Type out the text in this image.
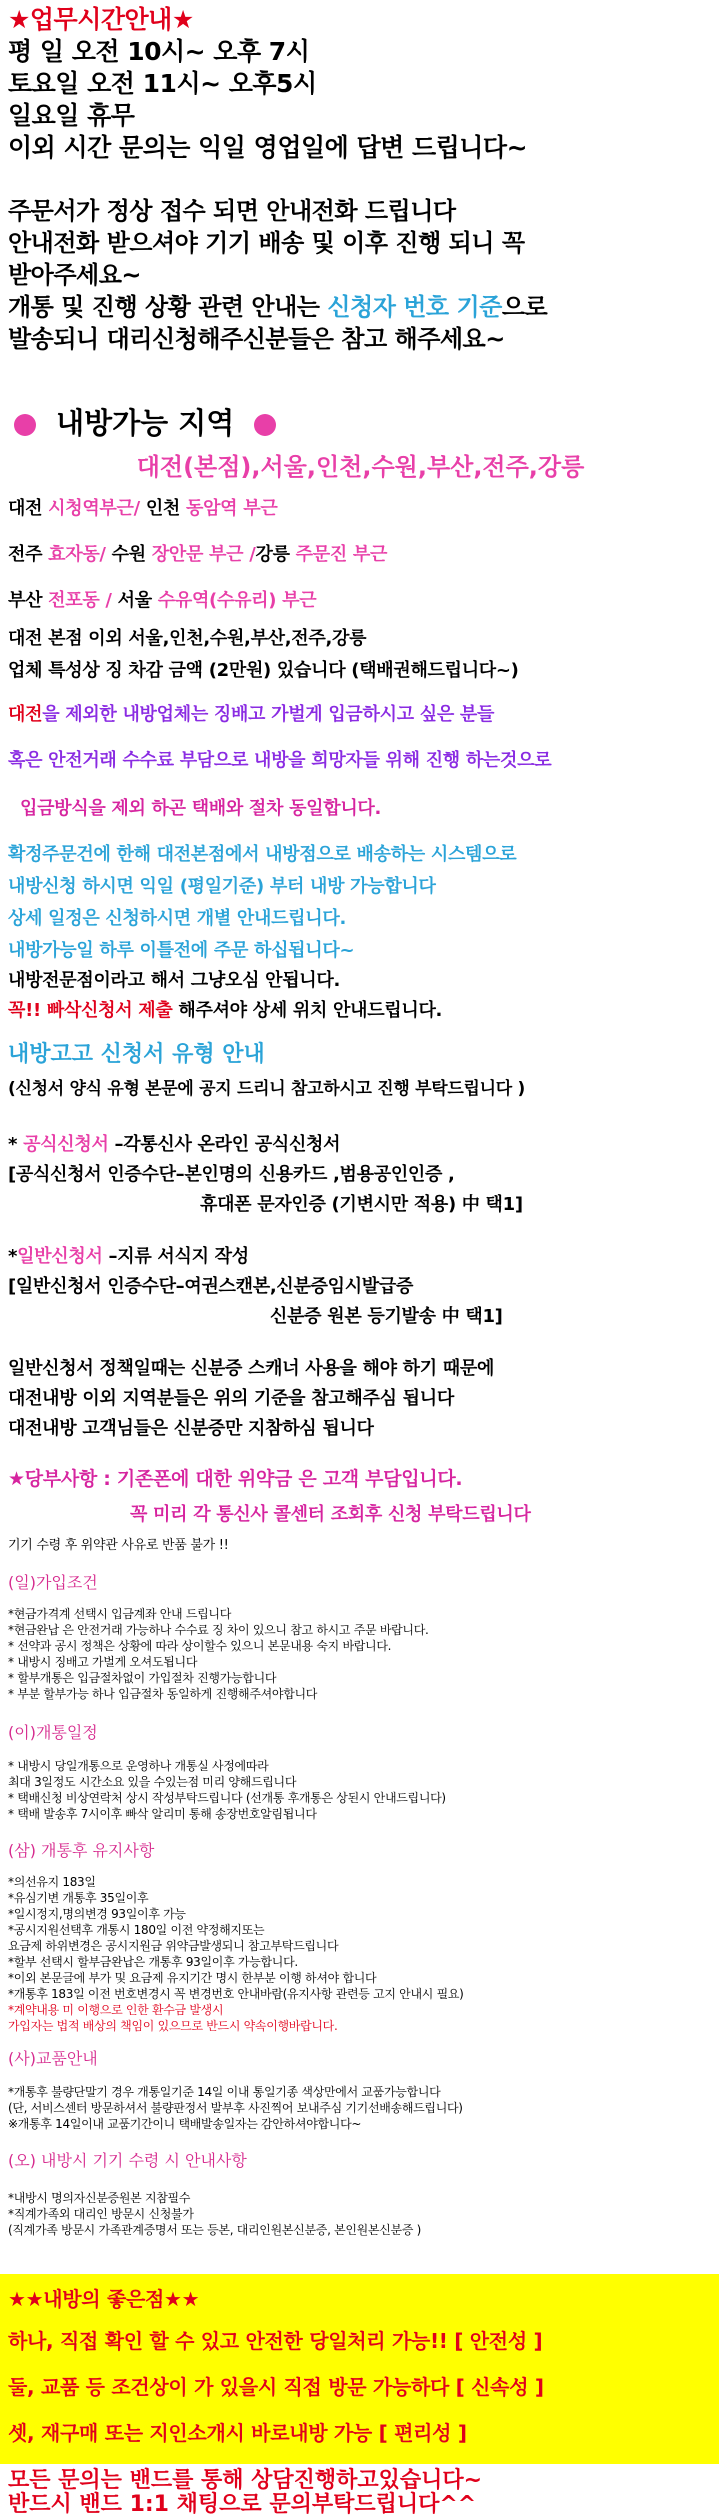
★업무시간안내★
평 일 오전 10시~ 오후 7시
토요일 오전 11시~ 오후5시
일요일 휴무
이외 시간 문의는 익일 영업일에 답변 드립니다~
주문서가 정상 접수 되면 안내전화 드립니다
안내전화 받으셔야 기기 배송 및 이후 진행 되니 꼭
받아주세요~
개통 및 진행 상황 관련 안내는 신청자 번호 기준으로
발송되니 대리신청해주신분들은 참고 해주세요~
내방가능 지역
대전(본점),서울,인천,수원,부산,전주,강릉
대전 시청역부근/ 인천 동암역 부근
전주 효자동/ 수원 장안문 부근 /강릉 주문진 부근
부산 전포동 / 서울 수유역(수유리) 부근
대전 본점 이외 서울,인천,수원,부산,전주,강릉
업체 특성상 징 차감 금액 (2만원) 있습니다 (택배권해드립니다~)
대전을 제외한 내방업체는 징배고 가벌게 입금하시고 싶은 분들
혹은 안전거래 수수료 부담으로 내방을 희망자들 위해 진행 하는것으로
입금방식을 제외 하곤 택배와 절차 동일합니다.
확정주문건에 한해 대전본점에서 내방점으로 배송하는 시스템으로
내방신청 하시면 익일 (평일기준) 부터 내방 가능합니다
상세 일정은 신청하시면 개별 안내드립니다.
내방가능일 하루 이틀전에 주문 하십됩니다~
내방전문점이라고 해서 그냥오심 안됩니다.
꼭!! 빠삭신청서 제출 해주셔야 상세 위치 안내드립니다.
내방고고 신청서 유형 안내
(신청서 양식 유형 본문에 공지 드리니 참고하시고 진행 부탁드립니다 )
* 공식신청서 –각통신사 온라인 공식신청서
[공식신청서 인증수단–본인명의 신용카드 ,범용공인인증 ,
휴대폰 문자인증 (기변시만 적용) 中 택1]
*일반신청서 –지류 서식지 작성
[일반신청서 인증수단–여권스캔본,신분증임시발급증
신분증 원본 등기발송 中 택1]
일반신청서 정책일때는 신분증 스캐너 사용을 해야 하기 때문에
대전내방 이외 지역분들은 위의 기준을 참고해주심 됩니다
대전내방 고객님들은 신분증만 지참하심 됩니다
★당부사항 : 기존폰에 대한 위약금 은 고객 부담입니다.
꼭 미리 각 통신사 콜센터 조회후 신청 부탁드립니다
기기 수령 후 위약관 사유로 반품 불가 !!
(일)가입조건
*현금가격계 선택시 입금계좌 안내 드립니다
*현금완납 은 안전거래 가능하나 수수료 징 차이 있으니 참고 하시고 주문 바랍니다.
* 선약과 공시 정책은 상황에 따라 상이할수 있으니 본문내용 숙지 바랍니다.
* 내방시 징배고 가벌게 오셔도됩니다
* 할부개통은 입금절차없이 가입절차 진행가능합니다
* 부분 할부가능 하나 입금절차 동일하게 진행해주셔야합니다
(이)개통일정
* 내방시 당일개통으로 운영하나 개통실 사정에따라
최대 3일정도 시간소요 있을 수있는점 미리 양해드립니다
* 택배신청 비상연락처 상시 작성부탁드립니다 (선개통 후개통은 상된시 안내드립니다)
* 택배 발송후 7시이후 빠삭 알리미 통해 송장번호알림됩니다
(삼) 개통후 유지사항
*의선유지 183일
*유심기변 개통후 35일이후
*일시정지,명의변경 93일이후 가능
*공시지원선택후 개통시 180일 이전 약정해지또는
요금제 하위변경은 공시지원금 위약금발생되니 참고부탁드립니다
*할부 선택시 할부금완납은 개통후 93일이후 가능합니다.
*이외 본문글에 부가 및 요금제 유지기간 명시 한부분 이행 하셔야 합니다
*개통후 183일 이전 번호변경시 꼭 변경번호 안내바람(유지사항 관련등 고지 안내시 필요)
*계약내용 미 이행으로 인한 환수금 발생시
가입자는 법적 배상의 책임이 있으므로 반드시 약속이행바랍니다.
(사)교품안내
*개통후 불량단말기 경우 개통일기준 14일 이내 통일기종 색상만에서 교품가능합니다
(단, 서비스센터 방문하셔서 불량판정서 발부후 사진찍어 보내주심 기기선배송해드립니다)
※개통후 14일이내 교품기간이니 택배발송일자는 감안하셔야합니다~
(오) 내방시 기기 수령 시 안내사항
*내방시 명의자신분증원본 지참필수
*직계가족외 대리인 방문시 신청불가
(직계가족 방문시 가족관계증명서 또는 등본, 대리인원본신분증, 본인원본신분증 )
★★내방의 좋은점★★
하나, 직접 확인 할 수 있고 안전한 당일처리 가능!! [ 안전성 ]
둘, 교품 등 조건상이 가 있을시 직접 방문 가능하다 [ 신속성 ]
셋, 재구매 또는 지인소개시 바로내방 가능 [ 편리성 ]
모든 문의는 밴드를 통해 상담진행하고있습니다~
반드시 밴드 1:1 채팅으로 문의부탁드립니다^^
